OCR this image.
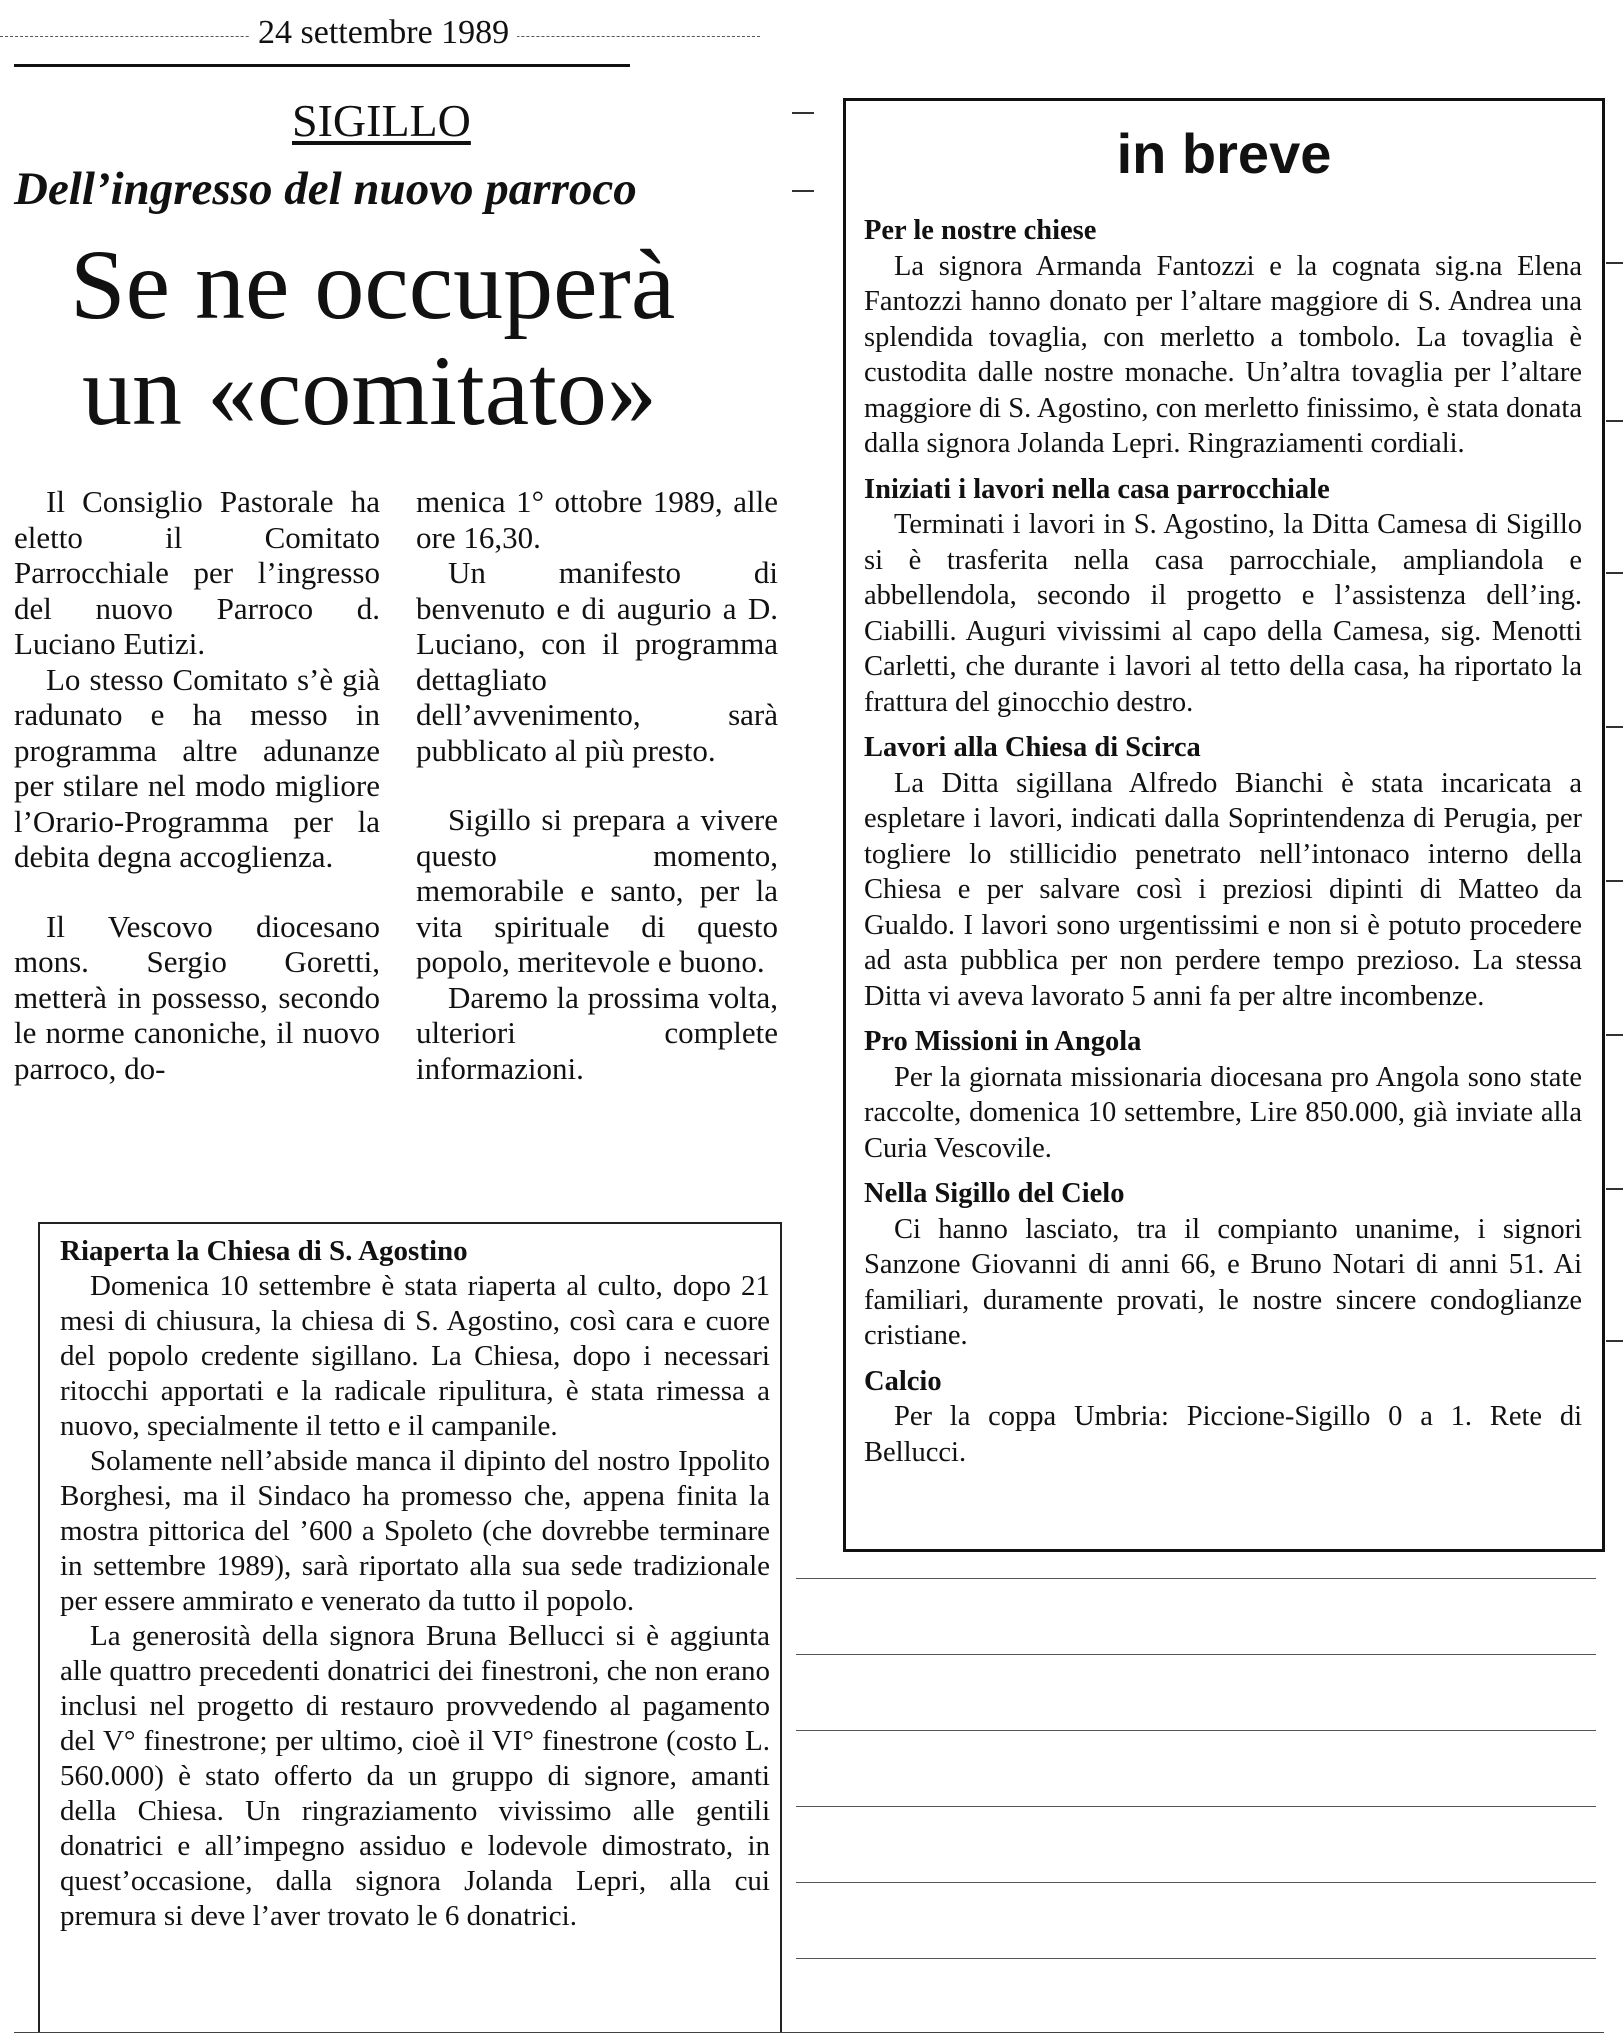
24 settembre 1989
SIGILLO
Dell’ingresso del nuovo parroco
Se ne occuperà
un «comitato»

Il Consiglio Pastorale ha eletto il Comitato Parrocchiale per l’ingresso del nuovo Parroco d. Luciano Eutizi.

Lo stesso Comitato s’è già radunato e ha messo in programma altre adunanze per stilare nel modo migliore l’Orario-Programma per la debita degna accoglienza.

Il Vescovo diocesano mons. Sergio Goretti, metterà in possesso, secondo le norme canoniche, il nuovo parroco, do-

menica 1° ottobre 1989, alle ore 16,30.

Un manifesto di benvenuto e di augurio a D. Luciano, con il programma dettagliato dell’avvenimento, sarà pubblicato al più presto.

Sigillo si prepara a vivere questo momento, memorabile e santo, per la vita spirituale di questo popolo, meritevole e buono.

Daremo la prossima volta, ulteriori complete informazioni.

Riaperta la Chiesa di S. Agostino

Domenica 10 settembre è stata riaperta al culto, dopo 21 mesi di chiusura, la chiesa di S. Agostino, così cara e cuore del popolo credente sigillano. La Chiesa, dopo i necessari ritocchi apportati e la radicale ripulitura, è stata rimessa a nuovo, specialmente il tetto e il campanile.

Solamente nell’abside manca il dipinto del nostro Ippolito Borghesi, ma il Sindaco ha promesso che, appena finita la mostra pittorica del ’600 a Spoleto (che dovrebbe terminare in settembre 1989), sarà riportato alla sua sede tradizionale per essere ammirato e venerato da tutto il popolo.

La generosità della signora Bruna Bellucci si è aggiunta alle quattro precedenti donatrici dei finestroni, che non erano inclusi nel progetto di restauro provvedendo al pagamento del V° finestrone; per ultimo, cioè il VI° finestrone (costo L. 560.000) è stato offerto da un gruppo di signore, amanti della Chiesa. Un ringraziamento vivissimo alle gentili donatrici e all’impegno assiduo e lodevole dimostrato, in quest’occasione, dalla signora Jolanda Lepri, alla cui premura si deve l’aver trovato le 6 donatrici.

in breve
Per le nostre chiese

La signora Armanda Fantozzi e la cognata sig.na Elena Fantozzi hanno donato per l’altare maggiore di S. Andrea una splendida tovaglia, con merletto a tombolo. La tovaglia è custodita dalle nostre monache. Un’altra tovaglia per l’altare maggiore di S. Agostino, con merletto finissimo, è stata donata dalla signora Jolanda Lepri. Ringraziamenti cordiali.

Iniziati i lavori nella casa parrocchiale

Terminati i lavori in S. Agostino, la Ditta Camesa di Sigillo si è trasferita nella casa parrocchiale, ampliandola e abbellendola, secondo il progetto e l’assistenza dell’ing. Ciabilli. Auguri vivissimi al capo della Camesa, sig. Menotti Carletti, che durante i lavori al tetto della casa, ha riportato la frattura del ginocchio destro.

Lavori alla Chiesa di Scirca

La Ditta sigillana Alfredo Bianchi è stata incaricata a espletare i lavori, indicati dalla Soprintendenza di Perugia, per togliere lo stillicidio penetrato nell’intonaco interno della Chiesa e per salvare così i preziosi dipinti di Matteo da Gualdo. I lavori sono urgentissimi e non si è potuto procedere ad asta pubblica per non perdere tempo prezioso. La stessa Ditta vi aveva lavorato 5 anni fa per altre incombenze.

Pro Missioni in Angola

Per la giornata missionaria diocesana pro Angola sono state raccolte, domenica 10 settembre, Lire 850.000, già inviate alla Curia Vescovile.

Nella Sigillo del Cielo

Ci hanno lasciato, tra il compianto unanime, i signori Sanzone Giovanni di anni 66, e Bruno Notari di anni 51. Ai familiari, duramente provati, le nostre sincere condoglianze cristiane.

Calcio

Per la coppa Umbria: Piccione-Sigillo 0 a 1. Rete di Bellucci.
